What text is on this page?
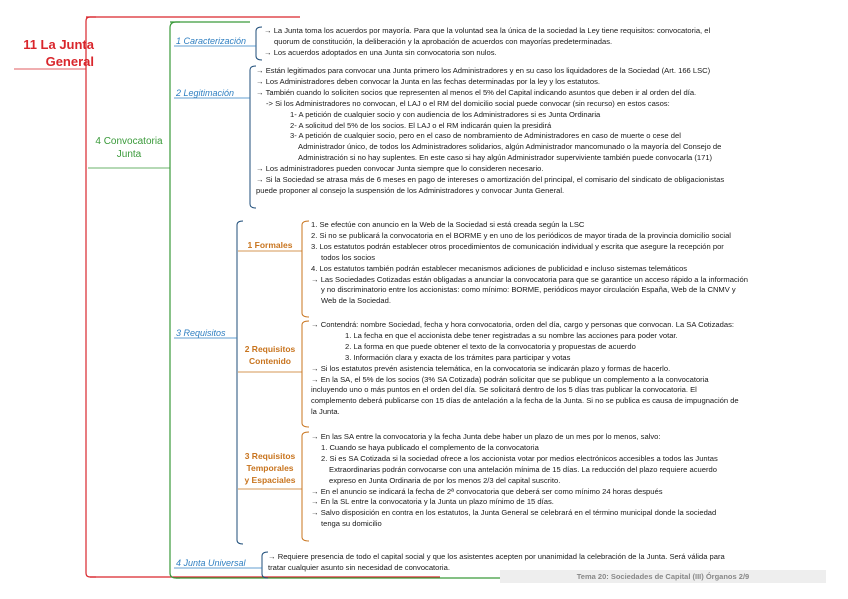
11 La Junta
General
4 Convocatoria
Junta
1 Caracterización
2 Legitimación
3 Requisitos
4 Junta Universal
1 Formales
2 Requisitos
Contenido
3 Requisitos
Temporales
y Espaciales
→ La Junta toma los acuerdos por mayoría. Para que la voluntad sea la única de la sociedad la Ley tiene requisitos: convocatoria, el
quorum de constitución, la deliberación y la aprobación de acuerdos con mayorías predeterminadas.
→ Los acuerdos adoptados en una Junta sin convocatoria son nulos.
→ Están legitimados para convocar una Junta primero los Administradores y en su caso los liquidadores de la Sociedad (Art. 166 LSC)
→ Los Administradores deben convocar la Junta en las fechas determinadas por la ley y los estatutos.
→ También cuando lo soliciten socios que representen al menos el 5% del Capital indicando asuntos que deben ir al orden del día.
-> Si los Administradores no convocan, el LAJ o el RM del domicilio social puede convocar (sin recurso) en estos casos:
1- A petición de cualquier socio y con audiencia de los Administradores si es Junta Ordinaria
2- A solicitud del 5% de los socios. El LAJ o el RM indicarán quien la presidirá
3- A petición de cualquier socio, pero en el caso de nombramiento de Administradores en caso de muerte o cese del
Administrador único, de todos los Administradores solidarios, algún Administrador mancomunado o la mayoría del Consejo de
Administración si no hay suplentes. En este caso si hay algún Administrador superviviente también puede convocarla (171)
→ Los administradores pueden convocar Junta siempre que lo consideren necesario.
→ Si la Sociedad se atrasa más de 6 meses en pago de intereses o amortización del principal, el comisario del sindicato de obligacionistas
puede proponer al consejo la suspensión de los Administradores y convocar Junta General.
1. Se efectúe con anuncio en la Web de la Sociedad si está creada según la LSC
2. Si no se publicará la convocatoria en el BORME y en uno de los periódicos de mayor tirada de la provincia domicilio social
3. Los estatutos podrán establecer otros procedimientos de comunicación individual y escrita que asegure la recepción por
todos los socios
4. Los estatutos también podrán establecer mecanismos adiciones de publicidad e incluso sistemas telemáticos
→ Las Sociedades Cotizadas están obligadas a anunciar la convocatoria para que se garantice un acceso rápido a la información
y no discriminatorio entre los accionistas: como mínimo: BORME, periódicos mayor circulación España, Web de la CNMV y
Web de la Sociedad.
→ Contendrá: nombre Sociedad, fecha y hora convocatoria, orden del día, cargo y personas que convocan. La SA Cotizadas:
1. La fecha en que el accionista debe tener registradas a su nombre las acciones para poder votar.
2. La forma en que puede obtener el texto de la convocatoria y propuestas de acuerdo
3. Información clara y exacta de los trámites para participar y votas
→ Si los estatutos prevén asistencia telemática, en la convocatoria se indicarán plazo y formas de hacerlo.
→ En la SA, el 5% de los socios (3% SA Cotizada) podrán solicitar que se publique un complemento a la convocatoria
incluyendo uno o más puntos en el orden del día. Se solicitará dentro de los 5 días tras publicar la convocatoria. El
complemento deberá publicarse con 15 días de antelación a la fecha de la Junta. Si no se publica es causa de impugnación de
la Junta.
→ En las SA entre la convocatoria y la fecha Junta debe haber un plazo de un mes por lo menos, salvo:
1. Cuando se haya publicado el complemento de la convocatoria
2. Si es SA Cotizada si la sociedad ofrece a los accionista votar por medios electrónicos accesibles a todos las Juntas
Extraordinarias podrán convocarse con una antelación mínima de 15 días. La reducción del plazo requiere acuerdo
expreso en Junta Ordinaria de por los menos 2/3 del capital suscrito.
→ En el anuncio se indicará la fecha de 2ª convocatoria que deberá ser como mínimo 24 horas después
→ En la SL entre la convocatoria y la Junta un plazo mínimo de 15 días.
→ Salvo disposición en contra en los estatutos, la Junta General se celebrará en el término municipal donde la sociedad
tenga su domicilio
→ Requiere presencia de todo el capital social y que los asistentes acepten por unanimidad la celebración de la Junta. Será válida para
tratar cualquier asunto sin necesidad de convocatoria.
Tema 20: Sociedades de Capital (III) Órganos 2/9
